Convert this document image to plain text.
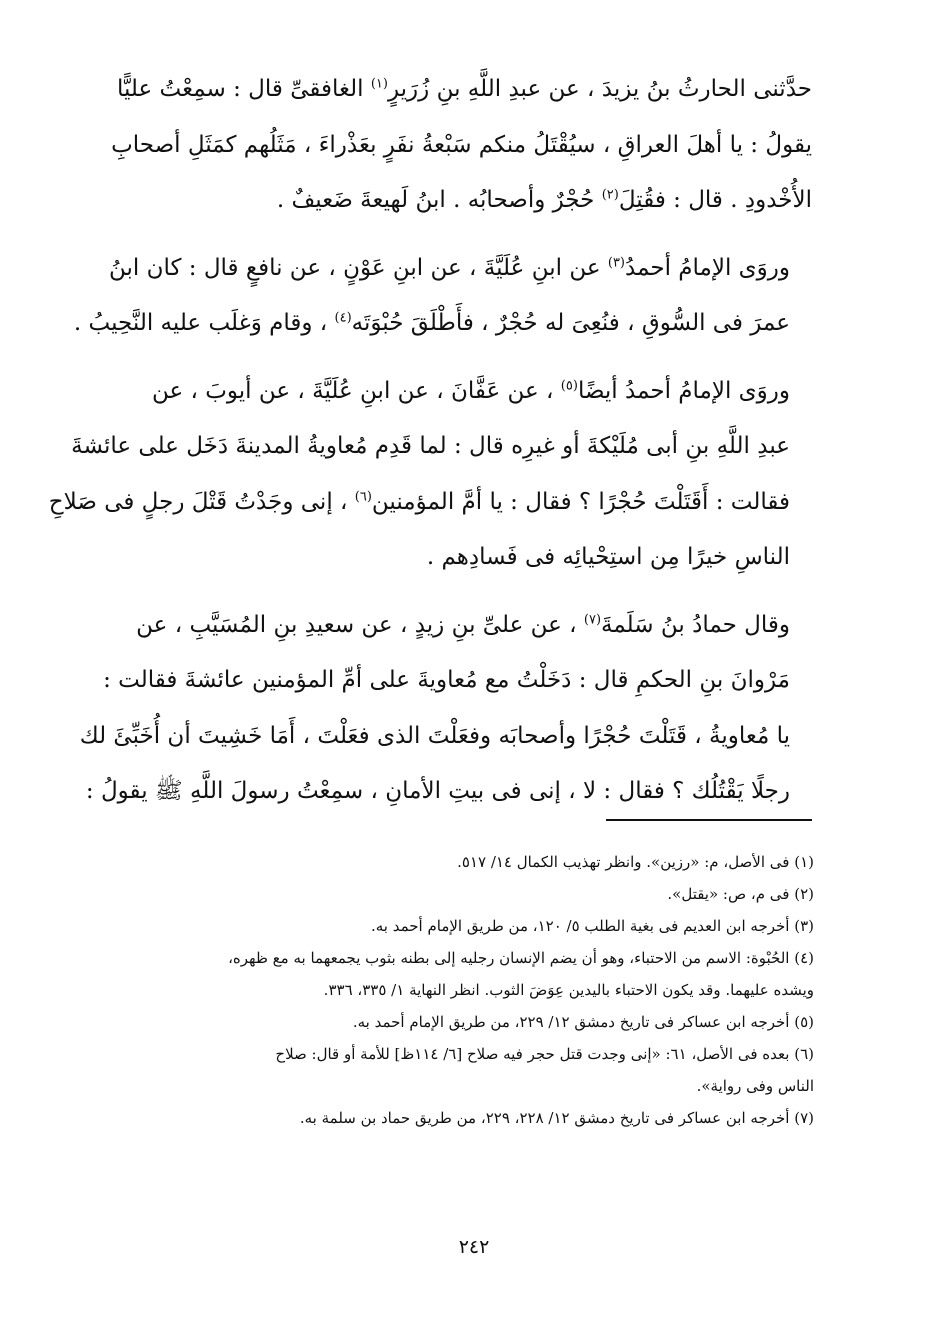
حدَّثنى الحارثُ بنُ يزيدَ ، عن عبدِ اللَّهِ بنِ زُرَيرٍ$^{(١)}$ الغافقىِّ قال : سمِعْتُ عليًّا
يقولُ : يا أهلَ العراقِ ، سيُقْتَلُ منكم سَبْعةُ نفَرٍ بعَذْراءَ ، مَثَلُهم كمَثَلِ أصحابِ
الأُخْدودِ . قال : فقُتِلَ$^{(٢)}$ حُجْرٌ وأصحابُه . ابنُ لَهيعةَ ضَعيفٌ .

وروَى الإمامُ أحمدُ$^{(٣)}$ عن ابنِ عُلَيَّةَ ، عن ابنِ عَوْنٍ ، عن نافعٍ قال : كان ابنُ
عمرَ فى السُّوقِ ، فنُعِىَ له حُجْرٌ ، فأَطْلَقَ حُبْوَتَه$^{(٤)}$ ، وقام وَغلَب عليه النَّحِيبُ .

وروَى الإمامُ أحمدُ أيضًا$^{(٥)}$ ، عن عَفَّانَ ، عن ابنِ عُلَيَّةَ ، عن أيوبَ ، عن
عبدِ اللَّهِ بنِ أبى مُلَيْكةَ أو غيرِه قال : لما قَدِم مُعاويةُ المدينةَ دَخَل على عائشةَ
فقالت : أَقَتَلْتَ حُجْرًا ؟ فقال : يا أمَّ المؤمنين$^{(٦)}$ ، إنى وجَدْتُ قَتْلَ رجلٍ فى صَلاحِ
الناسِ خيرًا مِن استِحْيائِه فى فَسادِهم .

وقال حمادُ بنُ سَلَمةَ$^{(٧)}$ ، عن علىِّ بنِ زيدٍ ، عن سعيدِ بنِ المُسَيَّبِ ، عن
مَرْوانَ بنِ الحكمِ قال : دَخَلْتُ مع مُعاويةَ على أمِّ المؤمنين عائشةَ فقالت :
يا مُعاويةُ ، قَتَلْتَ حُجْرًا وأصحابَه وفعَلْتَ الذى فعَلْتَ ، أَمَا خَشِيتَ أن أُخَبِّئَ لك
رجلًا يَقْتُلُك ؟ فقال : لا ، إنى فى بيتِ الأمانِ ، سمِعْتُ رسولَ اللَّهِ ﷺ يقولُ :

(١) فى الأصل، م: «رزين». وانظر تهذيب الكمال ١٤/ ٥١٧.

(٢) فى م، ص: «يقتل».

(٣) أخرجه ابن العديم فى بغية الطلب ٥/ ١٢٠، من طريق الإمام أحمد به.

(٤) الحُبْوة: الاسم من الاحتباء، وهو أن يضم الإنسان رجليه إلى بطنه بثوب يجمعهما به مع ظهره،
ويشده عليهما. وقد يكون الاحتباء باليدين عِوَضَ الثوب. انظر النهاية ١/ ٣٣٥، ٣٣٦.

(٥) أخرجه ابن عساكر فى تاريخ دمشق ١٢/ ٢٢٩، من طريق الإمام أحمد به.

(٦) بعده فى الأصل، ٦١: «إنى وجدت قتل حجر فيه صلاح [٦/ ١١٤ظ] للأمة أو قال: صلاح
الناس وفى رواية».

(٧) أخرجه ابن عساكر فى تاريخ دمشق ١٢/ ٢٢٨، ٢٢٩، من طريق حماد بن سلمة به.

٢٤٢
